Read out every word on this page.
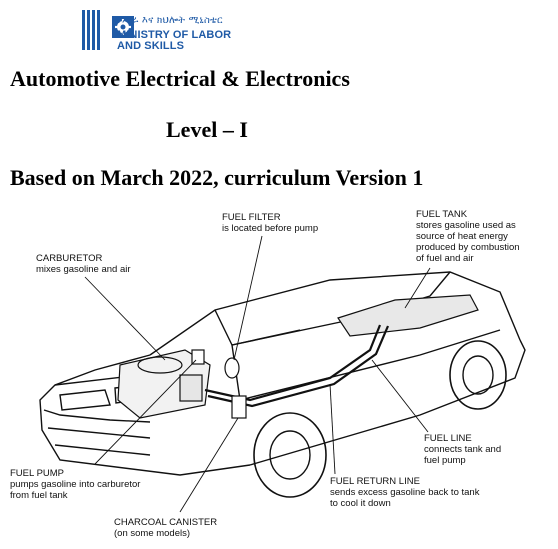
የሥራ እና ክህሎት ሚኒስቴር
MINISTRY OF LABOR
AND SKILLS
Automotive Electrical & Electronics
Level – I
Based on March 2022, curriculum Version 1
FUEL FILTER
is located before pump
FUEL TANK
stores gasoline used as
source of heat energy
produced by combustion
of fuel and air
CARBURETOR
mixes gasoline and air
FUEL LINE
connects tank and
fuel pump
FUEL PUMP
pumps gasoline into carburetor
from fuel tank
FUEL RETURN LINE
sends excess gasoline back to tank
to cool it down
CHARCOAL CANISTER
(on some models)
